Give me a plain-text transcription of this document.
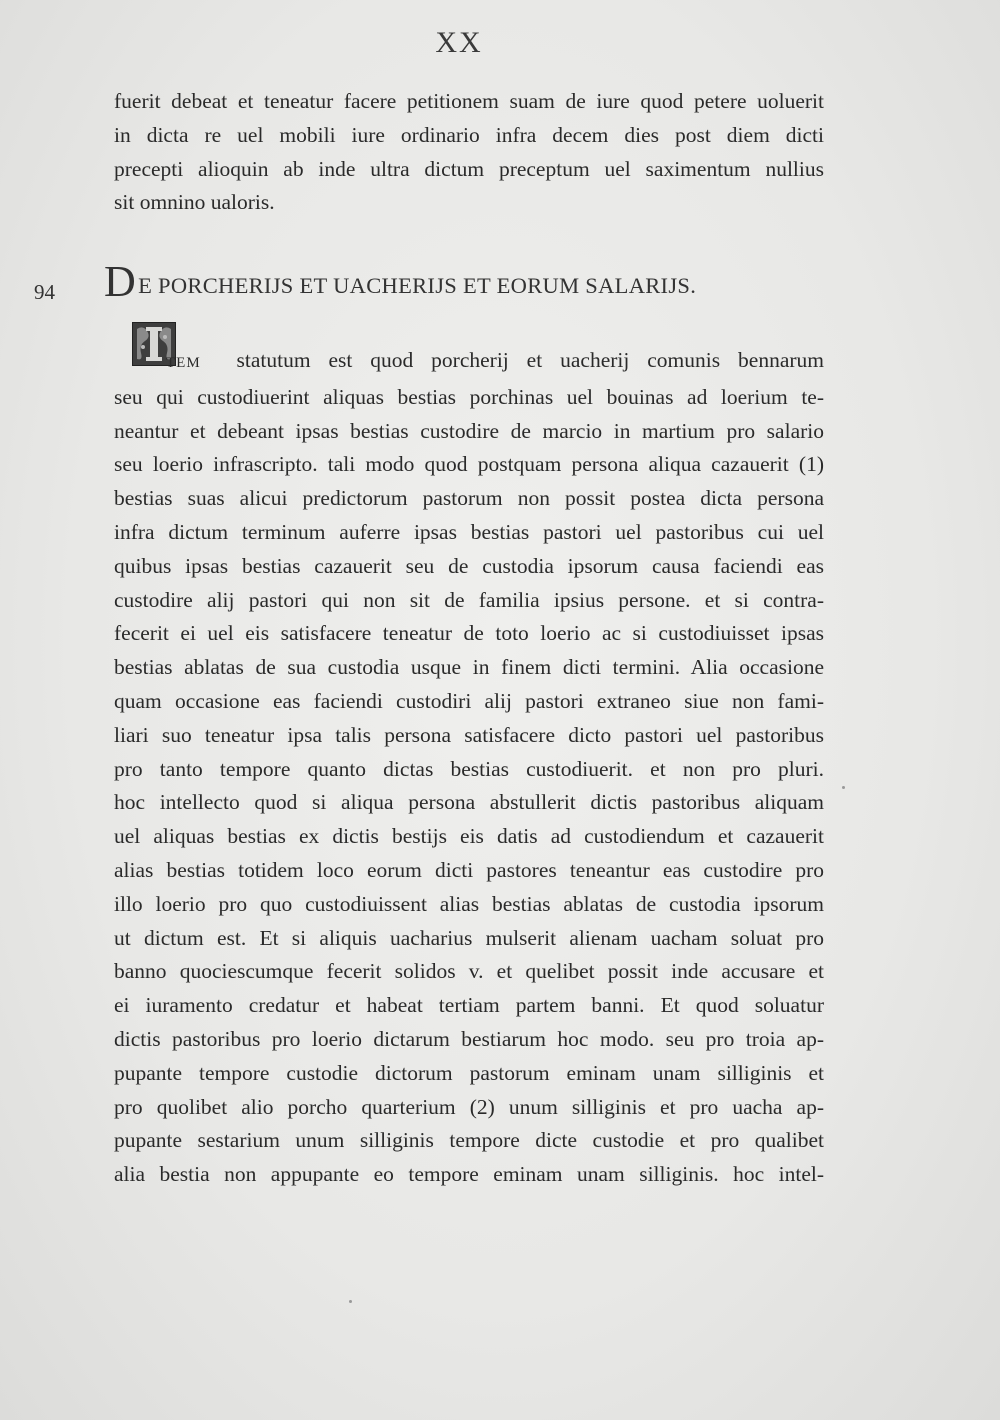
XX
fuerit debeat et teneatur facere petitionem suam de iure quod petere uoluerit
in dicta re uel mobili iure ordinario infra decem dies post diem dicti
precepti alioquin ab inde ultra dictum preceptum uel saximentum nullius
sit omnino ualoris.
94 DE PORCHERIJS ET UACHERIJS ET EORUM SALARIJS.
TEM statutum est quod porcherij et uacherij comunis bennarum
seu qui custodiuerint aliquas bestias porchinas uel bouinas ad loerium te-
neantur et debeant ipsas bestias custodire de marcio in martium pro salario
seu loerio infrascripto. tali modo quod postquam persona aliqua cazauerit (1)
bestias suas alicui predictorum pastorum non possit postea dicta persona
infra dictum terminum auferre ipsas bestias pastori uel pastoribus cui uel
quibus ipsas bestias cazauerit seu de custodia ipsorum causa faciendi eas
custodire alij pastori qui non sit de familia ipsius persone. et si contra-
fecerit ei uel eis satisfacere teneatur de toto loerio ac si custodiuisset ipsas
bestias ablatas de sua custodia usque in finem dicti termini. Alia occasione
quam occasione eas faciendi custodiri alij pastori extraneo siue non fami-
liari suo teneatur ipsa talis persona satisfacere dicto pastori uel pastoribus
pro tanto tempore quanto dictas bestias custodiuerit. et non pro pluri.
hoc intellecto quod si aliqua persona abstullerit dictis pastoribus aliquam
uel aliquas bestias ex dictis bestijs eis datis ad custodiendum et cazauerit
alias bestias totidem loco eorum dicti pastores teneantur eas custodire pro
illo loerio pro quo custodiuissent alias bestias ablatas de custodia ipsorum
ut dictum est. Et si aliquis uacharius mulserit alienam uacham soluat pro
banno quociescumque fecerit solidos v. et quelibet possit inde accusare et
ei iuramento credatur et habeat tertiam partem banni. Et quod soluatur
dictis pastoribus pro loerio dictarum bestiarum hoc modo. seu pro troia ap-
pupante tempore custodie dictorum pastorum eminam unam silliginis et
pro quolibet alio porcho quarterium (2) unum silliginis et pro uacha ap-
pupante sestarium unum silliginis tempore dicte custodie et pro qualibet
alia bestia non appupante eo tempore eminam unam silliginis. hoc intel-
